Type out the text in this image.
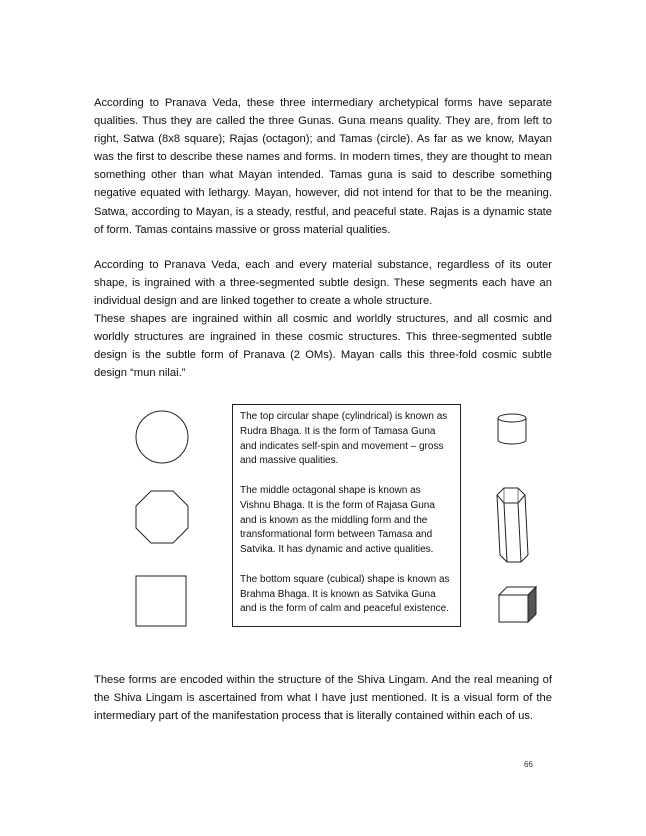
According to Pranava Veda, these three intermediary archetypical forms have separate qualities. Thus they are called the three Gunas. Guna means quality. They are, from left to right, Satwa (8x8 square); Rajas (octagon); and Tamas (circle). As far as we know, Mayan was the first to describe these names and forms. In modern times, they are thought to mean something other than what Mayan intended. Tamas guna is said to describe something negative equated with lethargy. Mayan, however, did not intend for that to be the meaning. Satwa, according to Mayan, is a steady, restful, and peaceful state. Rajas is a dynamic state of form. Tamas contains massive or gross material qualities.

According to Pranava Veda, each and every material substance, regardless of its outer shape, is ingrained with a three-segmented subtle design. These segments each have an individual design and are linked together to create a whole structure.

These shapes are ingrained within all cosmic and worldly structures, and all cosmic and worldly structures are ingrained in these cosmic structures. This three-segmented subtle design is the subtle form of Pranava (2 OMs). Mayan calls this three-fold cosmic subtle design “mun nilai.”

The top circular shape (cylindrical) is known as Rudra Bhaga. It is the form of Tamasa Guna and indicates self-spin and movement – gross and massive qualities.

The middle octagonal shape is known as Vishnu Bhaga. It is the form of Rajasa Guna and is known as the middling form and the transformational form between Tamasa and Satvika. It has dynamic and active qualities.

The bottom square (cubical) shape is known as Brahma Bhaga. It is known as Satvika Guna and is the form of calm and peaceful existence.

These forms are encoded within the structure of the Shiva Lingam. And the real meaning of the Shiva Lingam is ascertained from what I have just mentioned. It is a visual form of the intermediary part of the manifestation process that is literally contained within each of us.

66
